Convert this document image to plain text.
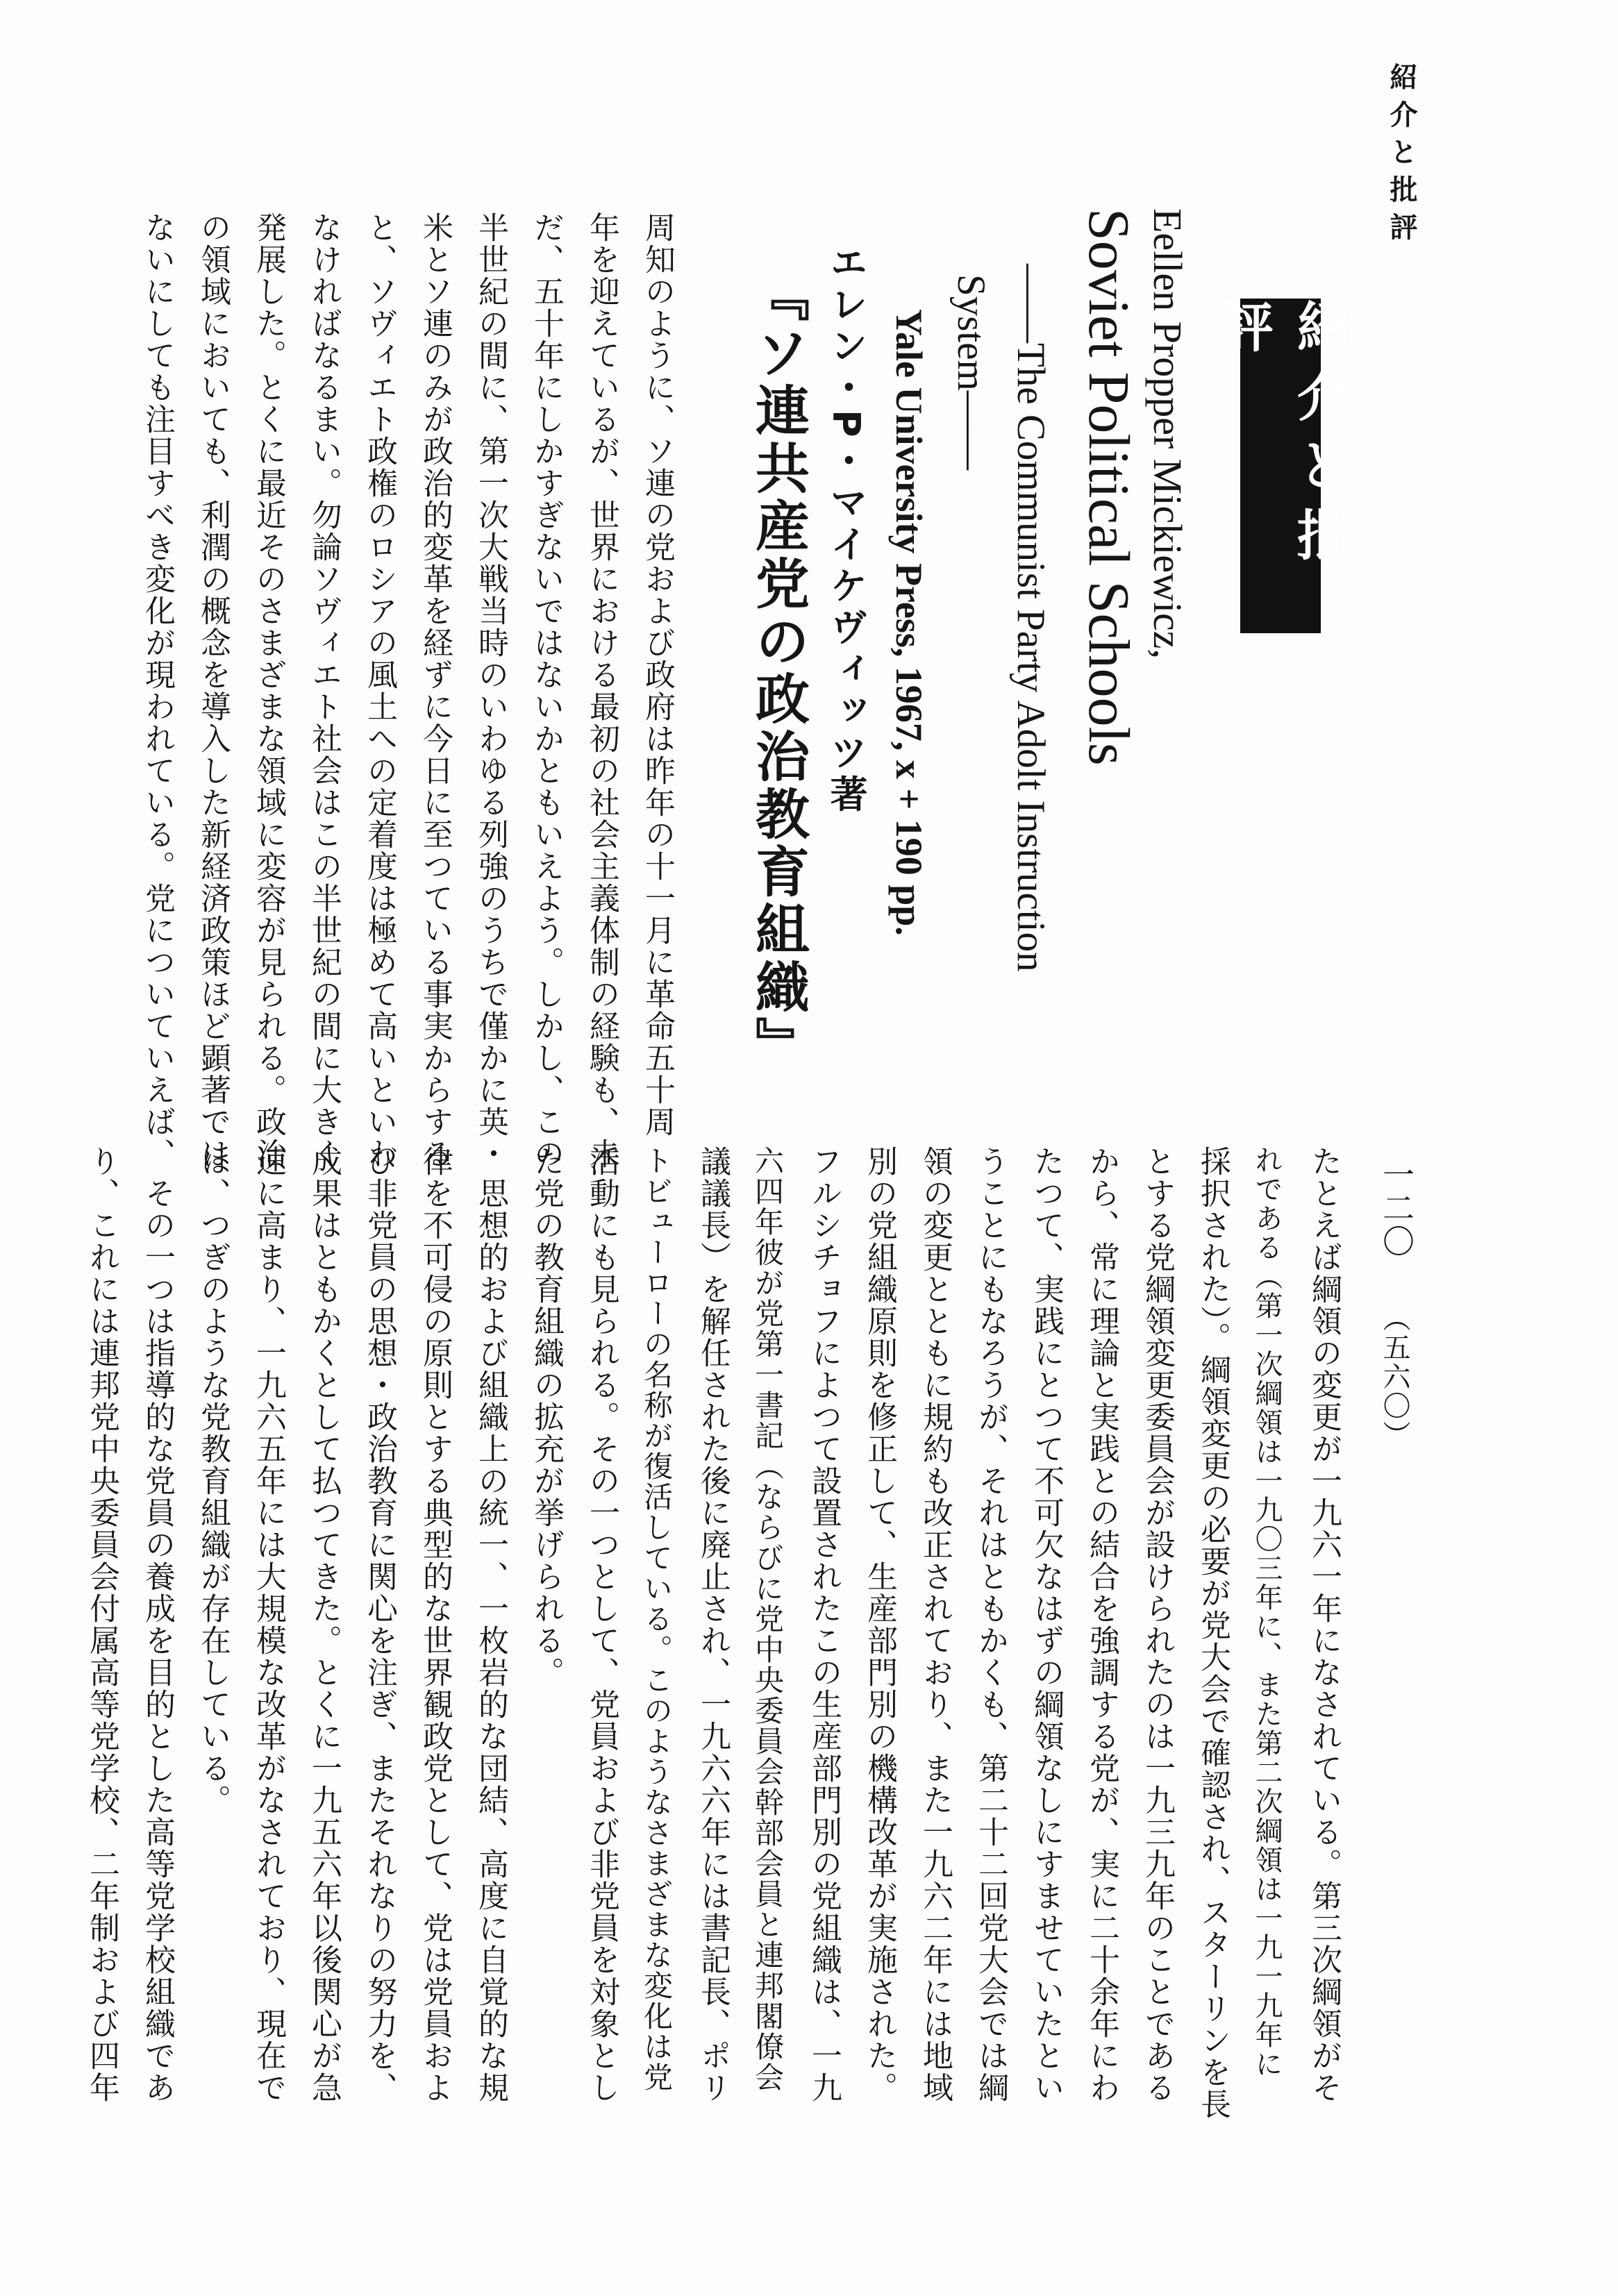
紹介と批評
一二〇
（五六〇）
紹介と批評
Eellen Propper Mickiewicz,
Soviet Political Schools
――The Communist Party Adolt Instruction
System――
Yale University Press, 1967, x + 190 pp.
エレン・P・マイケヴィッツ著
『ソ連共産党の政治教育組織』
周知のように、ソ連の党および政府は昨年の十一月に革命五十周
年を迎えているが、世界における最初の社会主義体制の経験も、未
だ、五十年にしかすぎないではないかともいえよう。しかし、この
半世紀の間に、第一次大戦当時のいわゆる列強のうちで僅かに英・
米とソ連のみが政治的変革を経ずに今日に至つている事実からする
と、ソヴィエト政権のロシアの風土への定着度は極めて高いといわ
なければなるまい。勿論ソヴィエト社会はこの半世紀の間に大きく
発展した。とくに最近そのさまざまな領域に変容が見られる。政治
の領域においても、利潤の概念を導入した新経済政策ほど顕著では
ないにしても注目すべき変化が現われている。党についていえば、
たとえば綱領の変更が一九六一年になされている。第三次綱領がそ
れである（第一次綱領は一九〇三年に、また第二次綱領は一九一九年に
採択された）。綱領変更の必要が党大会で確認され、スターリンを長
とする党綱領変更委員会が設けられたのは一九三九年のことである
から、常に理論と実践との結合を強調する党が、実に二十余年にわ
たつて、実践にとつて不可欠なはずの綱領なしにすませていたとい
うことにもなろうが、それはともかくも、第二十二回党大会では綱
領の変更とともに規約も改正されており、また一九六二年には地域
別の党組織原則を修正して、生産部門別の機構改革が実施された。
フルシチョフによつて設置されたこの生産部門別の党組織は、一九
六四年彼が党第一書記（ならびに党中央委員会幹部会員と連邦閣僚会
議議長）を解任された後に廃止され、一九六六年には書記長、ポリ
トビューローの名称が復活している。このようなさまざまな変化は党
活動にも見られる。その一つとして、党員および非党員を対象とし
た党の教育組織の拡充が挙げられる。
　思想的および組織上の統一、一枚岩的な団結、高度に自覚的な規
律を不可侵の原則とする典型的な世界観政党として、党は党員およ
び非党員の思想・政治教育に関心を注ぎ、またそれなりの努力を、
成果はともかくとして払つてきた。とくに一九五六年以後関心が急
速に高まり、一九六五年には大規模な改革がなされており、現在で
は、つぎのような党教育組織が存在している。
　その一つは指導的な党員の養成を目的とした高等党学校組織であ
り、これには連邦党中央委員会付属高等党学校、二年制および四年
